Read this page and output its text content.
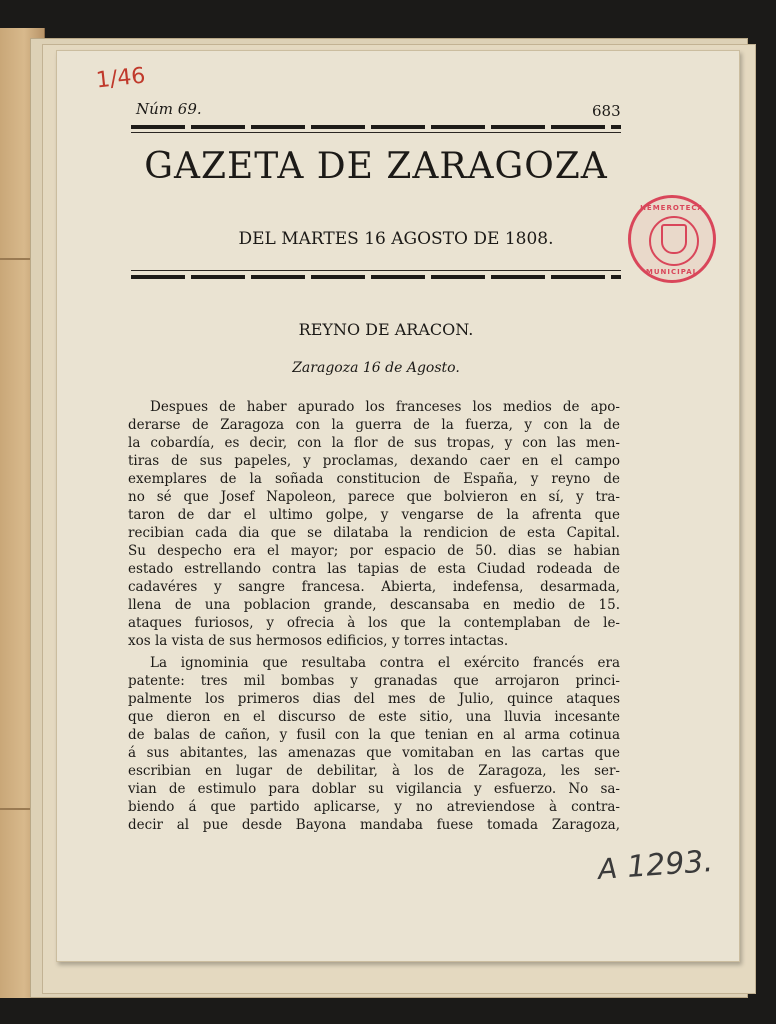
1/46
Núm 69.	683
GAZETA DE ZARAGOZA
HEMEROTECA
MUNICIPAL
DEL MARTES 16 AGOSTO DE 1808.
REYNO DE ARACON.
Zaragoza 16 de Agosto.
Despues de haber apurado los franceses los medios de apo-
derarse de Zaragoza con la guerra de la fuerza, y con la de
la cobardía, es decir, con la flor de sus tropas, y con las men-
tiras de sus papeles, y proclamas, dexando caer en el campo
exemplares de la soñada constitucion de España, y reyno de
no sé que Josef Napoleon, parece que bolvieron en sí, y tra-
taron de dar el ultimo golpe, y vengarse de la afrenta que
recibian cada dia que se dilataba la rendicion de esta Capital.
Su despecho era el mayor; por espacio de 50. dias se habian
estado estrellando contra las tapias de esta Ciudad rodeada de
cadavéres y sangre francesa. Abierta, indefensa, desarmada,
llena de una poblacion grande, descansaba en medio de 15.
ataques furiosos, y ofrecia à los que la contemplaban de le-
xos la vista de sus hermosos edificios, y torres intactas.
La ignominia que resultaba contra el exército francés era
patente: tres mil bombas y granadas que arrojaron princi-
palmente los primeros dias del mes de Julio, quince ataques
que dieron en el discurso de este sitio, una lluvia incesante
de balas de cañon, y fusil con la que tenian en al arma cotinua
á sus abitantes, las amenazas que vomitaban en las cartas que
escribian en lugar de debilitar, à los de Zaragoza, les ser-
vian de estimulo para doblar su vigilancia y esfuerzo. No sa-
biendo á que partido aplicarse, y no atreviendose à contra-
decir al pue desde Bayona mandaba fuese tomada Zaragoza,
A 1293.
